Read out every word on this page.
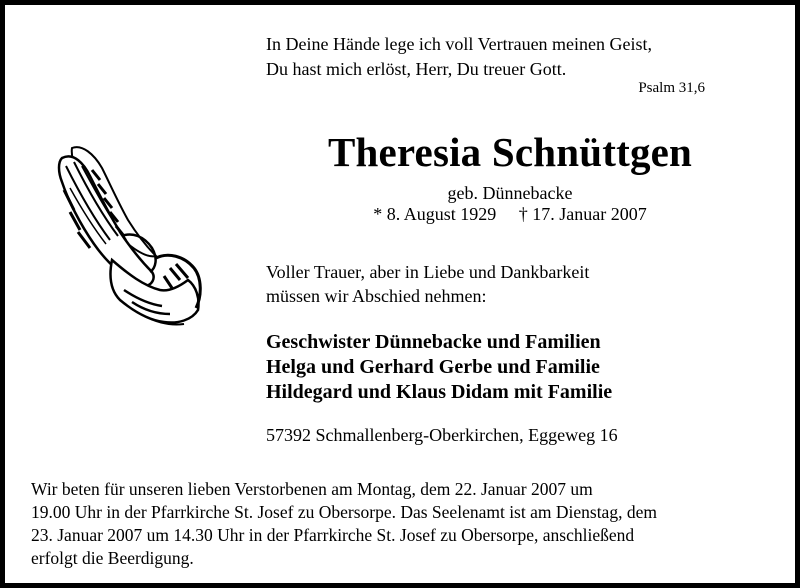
In Deine Hände lege ich voll Vertrauen meinen Geist,
Du hast mich erlöst, Herr, Du treuer Gott.
Psalm 31,6
Theresia Schnüttgen
geb. Dünnebacke
* 8. August 1929 † 17. Januar 2007
Voller Trauer, aber in Liebe und Dankbarkeit
müssen wir Abschied nehmen:
Geschwister Dünnebacke und Familien
Helga und Gerhard Gerbe und Familie
Hildegard und Klaus Didam mit Familie
57392 Schmallenberg-Oberkirchen, Eggeweg 16
Wir beten für unseren lieben Verstorbenen am Montag, dem 22. Januar 2007 um
19.00 Uhr in der Pfarrkirche St. Josef zu Obersorpe. Das Seelenamt ist am Dienstag, dem
23. Januar 2007 um 14.30 Uhr in der Pfarrkirche St. Josef zu Obersorpe, anschließend
erfolgt die Beerdigung.
